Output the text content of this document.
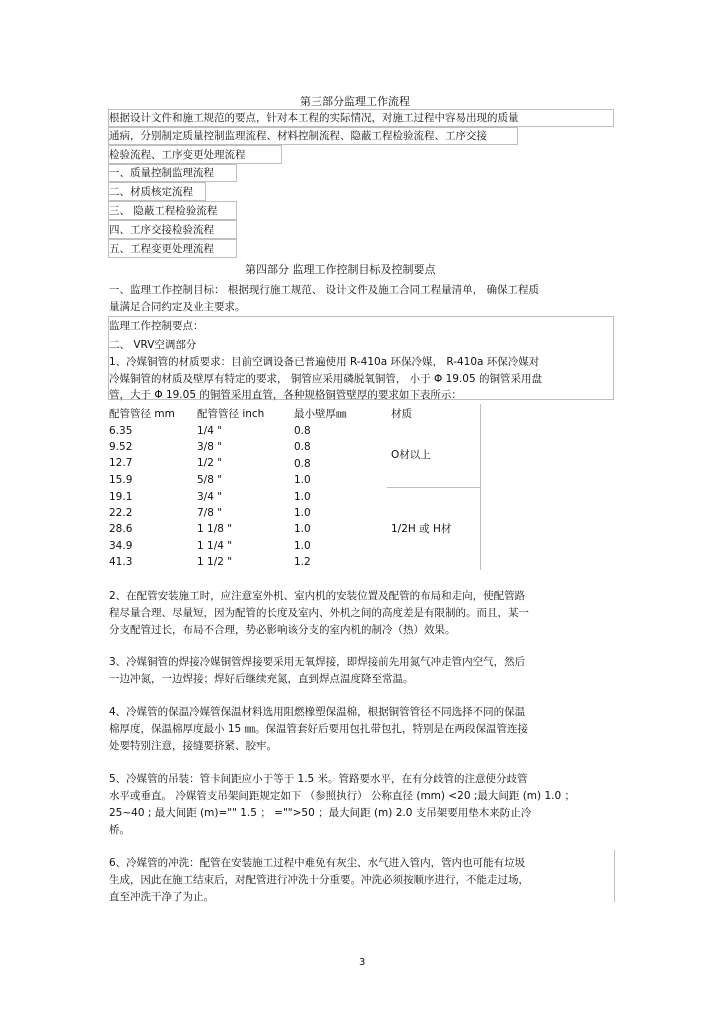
第三部分监理工作流程
根据设计文件和施工规范的要点，针对本工程的实际情况，对施工过程中容易出现的质量
通病，分别制定质量控制监理流程、材料控制流程、隐蔽工程检验流程、工序交接
检验流程、工序变更处理流程
一、质量控制监理流程
二、材质核定流程
三、 隐蔽工程检验流程
四、工序交接检验流程
五、工程变更处理流程
第四部分 监理工作控制目标及控制要点
一、监理工作控制目标： 根据现行施工规范、 设计文件及施工合同工程量清单， 确保工程质
量满足合同约定及业主要求。
监理工作控制要点：
二、 VRV空调部分
1、冷媒铜管的材质要求：目前空调设备已普遍使用 R-410a 环保冷媒， R-410a 环保冷媒对
冷媒铜管的材质及壁厚有特定的要求， 铜管应采用磷脱氧铜管， 小于 Φ 19.05 的铜管采用盘
管，大于 Φ 19.05 的铜管采用直管，各种规格铜管壁厚的要求如下表所示：
配管管径 mm 配管管径 inch	最小壁厚㎜	材质
6.35	1/4 "	0.8
9.52	3/8 "	0.8
12.7	1/2 "	0.8
O材以上
15.9	5/8 "	1.0
19.1	3/4 "	1.0
22.2	7/8 "	1.0
28.6	1 1/8 "	1.0	1/2H 或 H材
34.9	1 1/4 "	1.0
41.3	1 1/2 "	1.2
2、在配管安装施工时，应注意室外机、室内机的安装位置及配管的布局和走向，使配管路
程尽量合理、尽量短，因为配管的长度及室内、外机之间的高度差是有限制的。而且，某一
分支配管过长，布局不合理，势必影响该分支的室内机的制冷（热）效果。
3、冷媒铜管的焊接冷媒铜管焊接要采用无氧焊接，即焊接前先用氮气冲走管内空气，然后
一边冲氮，一边焊接；焊好后继续充氮，直到焊点温度降至常温。
4、冷媒管的保温冷媒管保温材料选用阻燃橡塑保温棉，根据铜管管径不同选择不同的保温
棉厚度，保温棉厚度最小 15 ㎜。保温管套好后要用包扎带包扎，特别是在两段保温管连接
处要特别注意，接缝要挤紧、胶牢。
5、冷媒管的吊装：管卡间距应小于等于 1.5 米。管路要水平，在有分歧管的注意使分歧管
水平或垂直。 冷媒管支吊架间距规定如下 （参照执行） 公称直径 (mm) <20 ;最大间距 (m) 1.0 ；
25~40 ; 最大间距 (m)="" 1.5 ； ="">50 ；最大间距 (m) 2.0 支吊架要用垫木来防止冷
桥。
6、冷媒管的冲洗：配管在安装施工过程中难免有灰尘、水气进入管内，管内也可能有垃圾
生成，因此在施工结束后，对配管进行冲洗十分重要。冲洗必须按顺序进行，不能走过场，
直至冲洗干净了为止。
3
